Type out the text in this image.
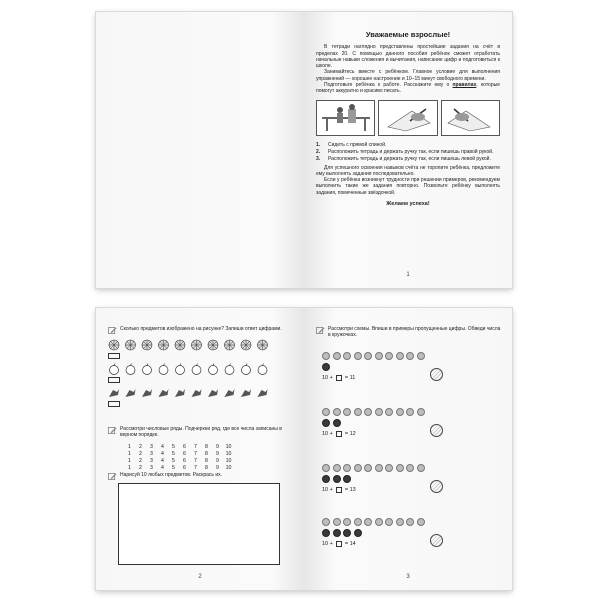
Уважаемые взрослые!

В тетради наглядно представлены простейшие задания на счёт в пределах 20. С помощью данного пособия ребёнок сможет отработать начальные навыки сложения и вычитания, написание цифр и подготовиться к школе.

Занимайтесь вместе с ребёнком. Главное условие для выполнения упражнений — хорошее настроение и 10–15 минут свободного времени.

Подготовьте ребёнка к работе. Расскажите ему о правилах, которые помогут аккуратно и красиво писать.

1.	Сидеть с прямой спиной.
2.	Расположить тетрадь и держать ручку так, если пишешь правой рукой.
3.	Расположить тетрадь и держать ручку так, если пишешь левой рукой.

Для успешного освоения навыков счёта не торопите ребёнка, предложите ему выполнять задания последовательно.

Если у ребёнка возникнут трудности при решении примеров, рекомендуем выполнить такие же задания повторно. Позвольте ребёнку выполнять задания, помеченные звёздочкой.

Желаем успеха!
1
Сколько предметов изображено на рисунке? Запиши ответ цифрами.
Рассмотри числовые ряды. Подчеркни ряд, где все числа записаны в верном порядке.
1	2	3	4	5	6	7	8	9	10
1	2	3	4	5	6	7	8	9	10
1	2	3	4	5	6	7	8	9	10
1	2	3	4	5	6	7	8	9	10
Нарисуй 10 любых предметов. Раскрась их.
2
Рассмотри схемы. Впиши в примеры пропущенные цифры. Обведи числа в кружочках.
10
+ =
11
10
+ =
12
10
+ =
13
10
+ =
14
3
